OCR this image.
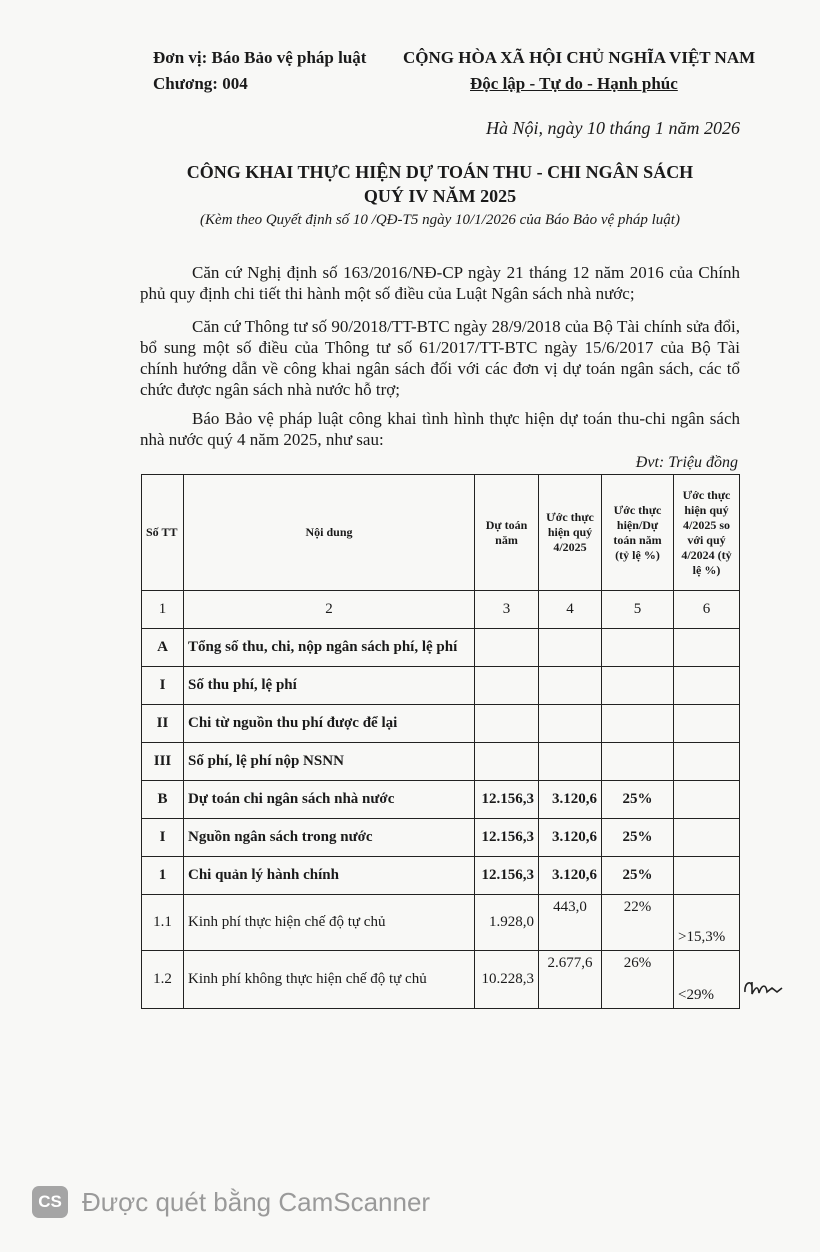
Đơn vị: Báo Bảo vệ pháp luật
Chương: 004
CỘNG HÒA XÃ HỘI CHỦ NGHĨA VIỆT NAM
Độc lập - Tự do - Hạnh phúc
Hà Nội, ngày 10 tháng 1 năm 2026
CÔNG KHAI THỰC HIỆN DỰ TOÁN THU - CHI NGÂN SÁCH
QUÝ IV NĂM 2025
(Kèm theo Quyết định số 10 /QĐ-T5 ngày 10/1/2026 của Báo Bảo vệ pháp luật)
Căn cứ Nghị định số 163/2016/NĐ-CP ngày 21 tháng 12 năm 2016 của Chính phủ quy định chi tiết thi hành một số điều của Luật Ngân sách nhà nước;
Căn cứ Thông tư số 90/2018/TT-BTC ngày 28/9/2018 của Bộ Tài chính sửa đổi, bổ sung một số điều của Thông tư số 61/2017/TT-BTC ngày 15/6/2017 của Bộ Tài chính hướng dẫn về công khai ngân sách đối với các đơn vị dự toán ngân sách, các tổ chức được ngân sách nhà nước hỗ trợ;
Báo Bảo vệ pháp luật công khai tình hình thực hiện dự toán thu-chi ngân sách nhà nước quý 4 năm 2025, như sau:
Đvt: Triệu đồng
Số TT	Nội dung	Dự toán năm	Ước thực hiện quý 4/2025	Ước thực hiện/Dự toán năm (tỷ lệ %)	Ước thực hiện quý 4/2025 so với quý 4/2024 (tỷ lệ %)
1	2	3	4	5	6
A	Tổng số thu, chi, nộp ngân sách phí, lệ phí				
I	Số thu phí, lệ phí				
II	Chi từ nguồn thu phí được để lại				
III	Số phí, lệ phí nộp NSNN				
B	Dự toán chi ngân sách nhà nước	12.156,3	3.120,6	25%	
I	Nguồn ngân sách trong nước	12.156,3	3.120,6	25%	
1	Chi quản lý hành chính	12.156,3	3.120,6	25%	
1.1	Kinh phí thực hiện chế độ tự chủ	1.928,0	443,0	22%	>15,3%
1.2	Kinh phí không thực hiện chế độ tự chủ	10.228,3	2.677,6	26%	<29%
CS Được quét bằng CamScanner
